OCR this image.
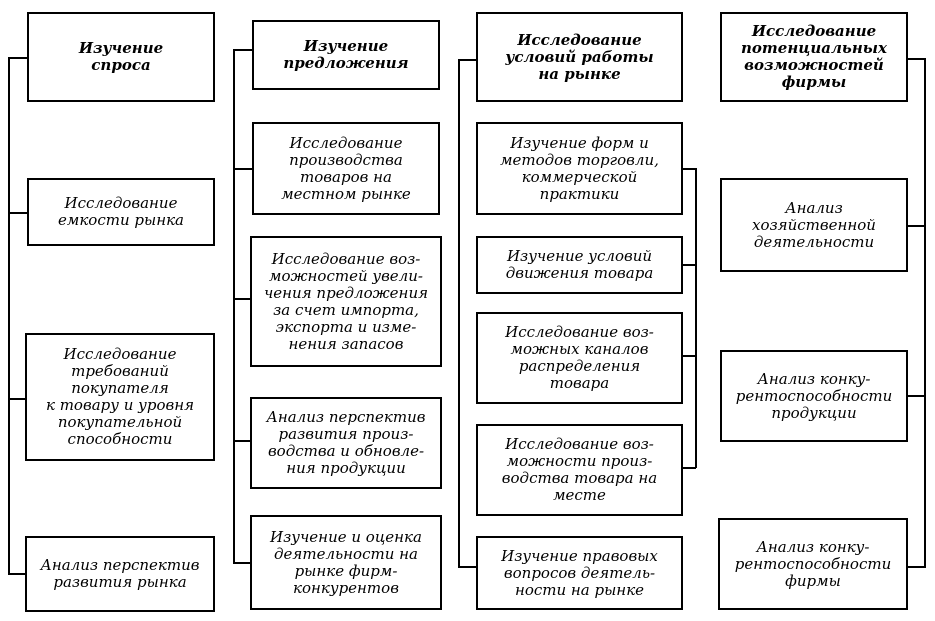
Изучение
спроса
Исследование
емкости рынка
Исследование
требований
покупателя
к товару и уровня
покупательной
способности
Анализ перспектив
развития рынка
Изучение
предложения
Исследование
производства
товаров на
местном рынке
Исследование воз-
можностей увели-
чения предложения
за счет импорта,
экспорта и изме-
нения запасов
Анализ перспектив
развития произ-
водства и обновле-
ния продукции
Изучение и оценка
деятельности на
рынке фирм-
конкурентов
Исследование
условий работы
на рынке
Изучение форм и
методов торговли,
коммерческой
практики
Изучение условий
движения товара
Исследование воз-
можных каналов
распределения
товара
Исследование воз-
можности произ-
водства товара на
месте
Изучение правовых
вопросов деятель-
ности на рынке
Исследование
потенциальных
возможностей
фирмы
Анализ
хозяйственной
деятельности
Анализ конку-
рентоспособности
продукции
Анализ конку-
рентоспособности
фирмы
